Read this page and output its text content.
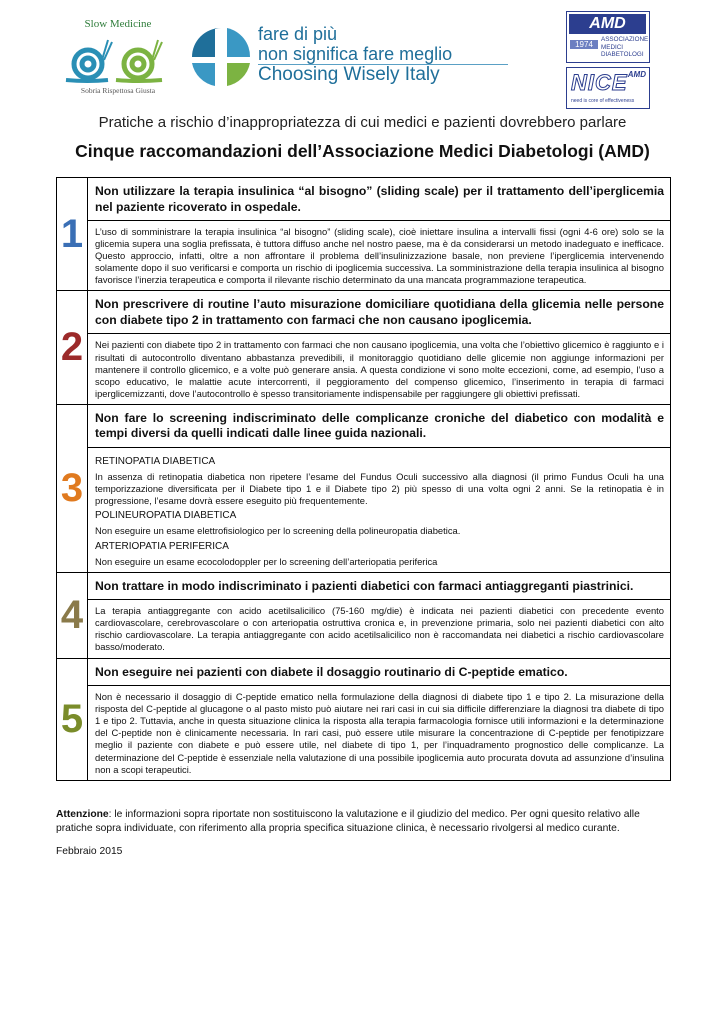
Slow Medicine
Sobria Rispettosa Giusta
fare di più
non significa fare meglio
Choosing Wisely Italy
AMD
1974
ASSOCIAZIONE
MEDICI
DIABETOLOGI
NICE AMD
need is core of effectiveness
Pratiche a rischio d’inappropriatezza di cui medici e pazienti dovrebbero parlare
Cinque raccomandazioni dell’Associazione Medici Diabetologi (AMD)
1
Non utilizzare la terapia insulinica “al bisogno” (sliding scale) per il trattamento dell’iperglicemia nel paziente ricoverato in ospedale.
L’uso di somministrare la terapia insulinica “al bisogno” (sliding scale), cioè iniettare insulina a intervalli fissi (ogni 4-6 ore) solo se la glicemia supera una soglia prefissata, è tuttora diffuso anche nel nostro paese, ma è da considerarsi un metodo inadeguato e inefficace. Questo approccio, infatti, oltre a non affrontare il problema dell’insulinizzazione basale, non previene l’iperglicemia intervenendo solamente dopo il suo verificarsi e comporta un rischio di ipoglicemia successiva. La somministrazione della terapia insulinica al bisogno favorisce l’inerzia terapeutica e comporta il rilevante rischio determinato da una mancata programmazione terapeutica.
2
Non prescrivere di routine l’auto misurazione domiciliare quotidiana della glicemia nelle persone con diabete tipo 2 in trattamento con farmaci che non causano ipoglicemia.
Nei pazienti con diabete tipo 2 in trattamento con farmaci che non causano ipoglicemia, una volta che l’obiettivo glicemico è raggiunto e i risultati di autocontrollo diventano abbastanza prevedibili, il monitoraggio quotidiano delle glicemie non aggiunge informazioni per mantenere il controllo glicemico, e a volte può generare ansia. A questa condizione vi sono molte eccezioni, come, ad esempio, l’uso a scopo educativo, le malattie acute intercorrenti, il peggioramento del compenso glicemico, l’inserimento in terapia di farmaci iperglicemizzanti, dove l’autocontrollo è spesso transitoriamente indispensabile per raggiungere gli obiettivi prefissati.
3
Non fare lo screening indiscriminato delle complicanze croniche del diabetico con modalità e tempi diversi da quelli indicati dalle linee guida nazionali.
RETINOPATIA DIABETICA
In assenza di retinopatia diabetica non ripetere l’esame del Fundus Oculi successivo alla diagnosi (il primo Fundus Oculi ha una temporizzazione diversificata per il Diabete tipo 1 e il Diabete tipo 2) più spesso di una volta ogni 2 anni. Se la retinopatia è in progressione, l’esame dovrà essere eseguito più frequentemente.
POLINEUROPATIA DIABETICA
Non eseguire un esame elettrofisiologico per lo screening della polineuropatia diabetica.
ARTERIOPATIA PERIFERICA
Non eseguire un esame ecocolodoppler per lo screening dell’arteriopatia periferica
4
Non trattare in modo indiscriminato i pazienti diabetici con farmaci antiaggreganti piastrinici.
La terapia antiaggregante con acido acetilsalicilico (75-160 mg/die) è indicata nei pazienti diabetici con precedente evento cardiovascolare, cerebrovascolare o con arteriopatia ostruttiva cronica e, in prevenzione primaria, solo nei pazienti diabetici con alto rischio cardiovascolare. La terapia antiaggregante con acido acetilsalicilico non è raccomandata nei diabetici a rischio cardiovascolare basso/moderato.
5
Non eseguire nei pazienti con diabete il dosaggio routinario di C-peptide ematico.
Non è necessario il dosaggio di C-peptide ematico nella formulazione della diagnosi di diabete tipo 1 e tipo 2. La misurazione della risposta del C-peptide al glucagone o al pasto misto può aiutare nei rari casi in cui sia difficile differenziare la diagnosi tra diabete di tipo 1 e tipo 2. Tuttavia, anche in questa situazione clinica la risposta alla terapia farmacologia fornisce utili informazioni e la determinazione del C-peptide non è clinicamente necessaria. In rari casi, può essere utile misurare la concentrazione di C-peptide per fenotipizzare meglio il paziente con diabete e può essere utile, nel diabete di tipo 1, per l’inquadramento prognostico delle complicanze. La determinazione del C-peptide è essenziale nella valutazione di una possibile ipoglicemia auto procurata dovuta ad assunzione d’insulina non a scopi terapeutici.
Attenzione: le informazioni sopra riportate non sostituiscono la valutazione e il giudizio del medico. Per ogni quesito relativo alle pratiche sopra individuate, con riferimento alla propria specifica situazione clinica, è necessario rivolgersi al medico curante.
Febbraio 2015
